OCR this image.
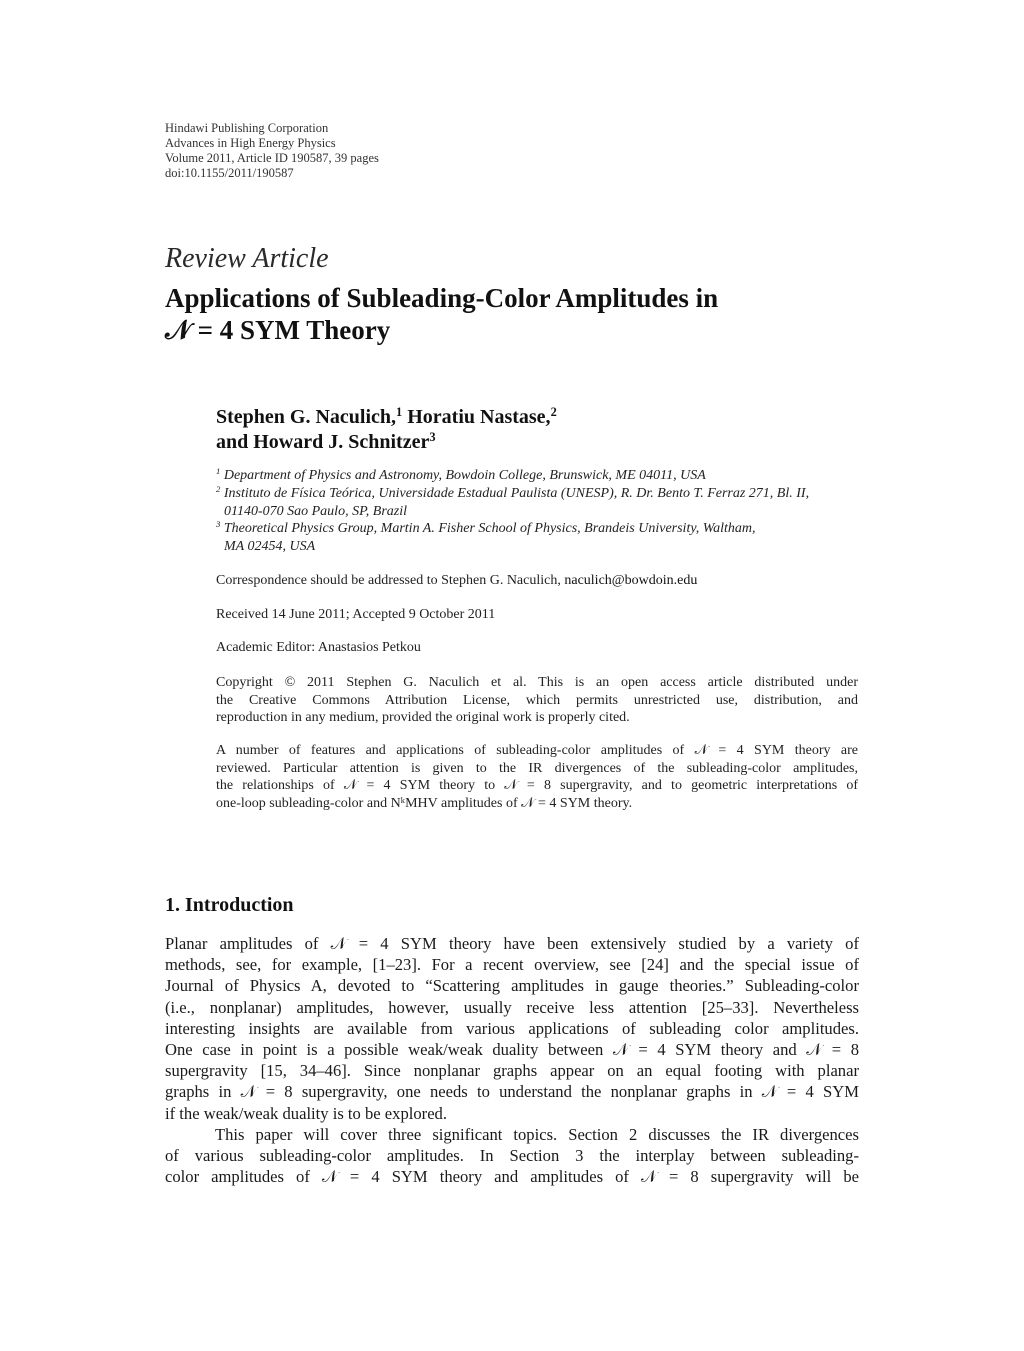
Hindawi Publishing Corporation
Advances in High Energy Physics
Volume 2011, Article ID 190587, 39 pages
doi:10.1155/2011/190587
Review Article
Applications of Subleading-Color Amplitudes in
𝒩 = 4 SYM Theory
Stephen G. Naculich,$^1$ Horatiu Nastase,$^2$
and Howard J. Schnitzer$^3$
$^1$ Department of Physics and Astronomy, Bowdoin College, Brunswick, ME 04011, USA
$^2$ Instituto de Física Teórica, Universidade Estadual Paulista (UNESP), R. Dr. Bento T. Ferraz 271, Bl. II,
01140-070 Sao Paulo, SP, Brazil
$^3$ Theoretical Physics Group, Martin A. Fisher School of Physics, Brandeis University, Waltham,
MA 02454, USA
Correspondence should be addressed to Stephen G. Naculich, naculich@bowdoin.edu
Received 14 June 2011; Accepted 9 October 2011
Academic Editor: Anastasios Petkou
Copyright © 2011 Stephen G. Naculich et al. This is an open access article distributed under
the Creative Commons Attribution License, which permits unrestricted use, distribution, and
reproduction in any medium, provided the original work is properly cited.
A number of features and applications of subleading-color amplitudes of 𝒩 = 4 SYM theory are
reviewed. Particular attention is given to the IR divergences of the subleading-color amplitudes,
the relationships of 𝒩 = 4 SYM theory to 𝒩 = 8 supergravity, and to geometric interpretations of
one-loop subleading-color and NᵏMHV amplitudes of 𝒩 = 4 SYM theory.
1. Introduction
Planar amplitudes of 𝒩 = 4 SYM theory have been extensively studied by a variety of
methods, see, for example, [1–23]. For a recent overview, see [24] and the special issue of
Journal of Physics A, devoted to “Scattering amplitudes in gauge theories.” Subleading-color
(i.e., nonplanar) amplitudes, however, usually receive less attention [25–33]. Nevertheless
interesting insights are available from various applications of subleading color amplitudes.
One case in point is a possible weak/weak duality between 𝒩 = 4 SYM theory and 𝒩 = 8
supergravity [15, 34–46]. Since nonplanar graphs appear on an equal footing with planar
graphs in 𝒩 = 8 supergravity, one needs to understand the nonplanar graphs in 𝒩 = 4 SYM
if the weak/weak duality is to be explored.
This paper will cover three significant topics. Section 2 discusses the IR divergences
of various subleading-color amplitudes. In Section 3 the interplay between subleading-
color amplitudes of 𝒩 = 4 SYM theory and amplitudes of 𝒩 = 8 supergravity will be
